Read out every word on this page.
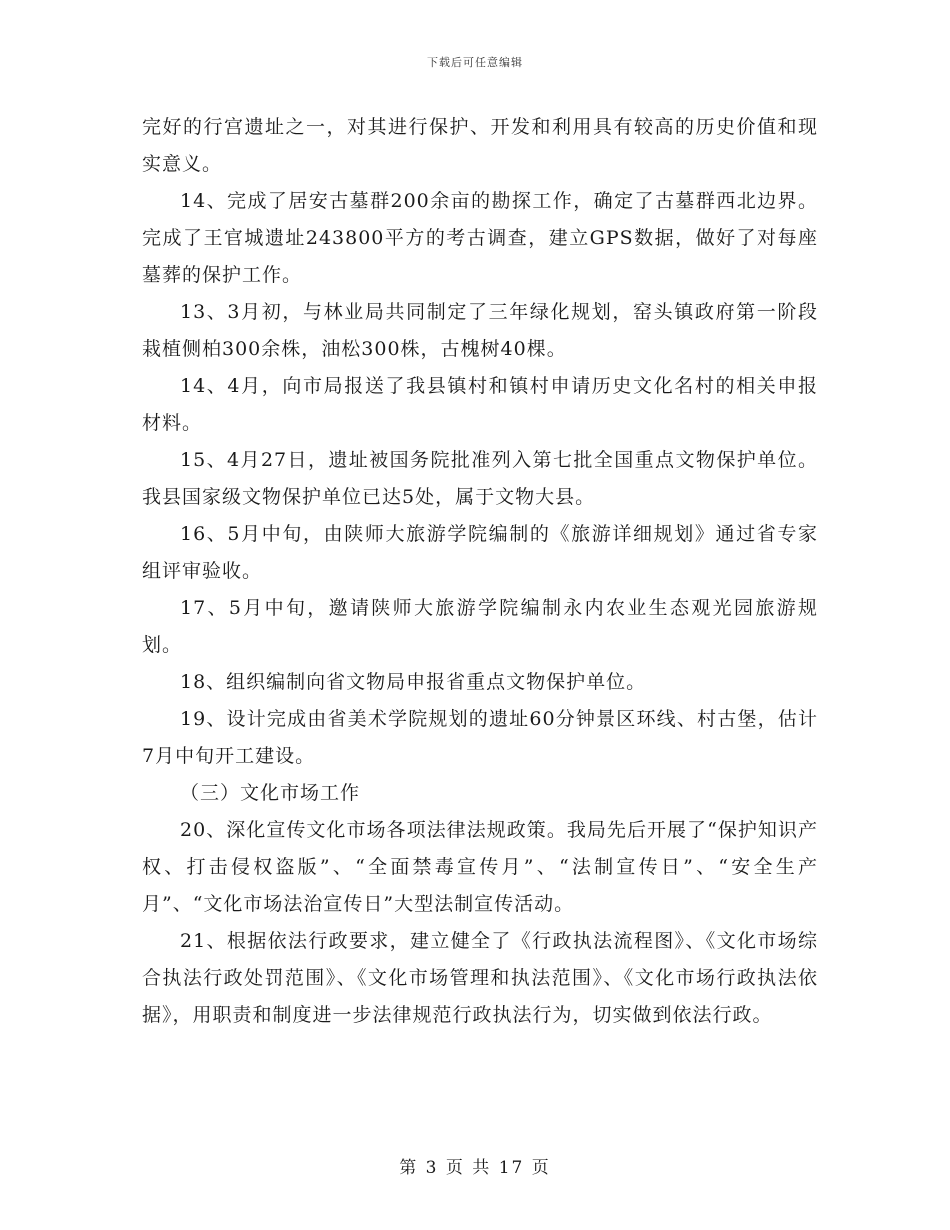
下载后可任意编辑

完好的行宫遗址之一，对其进行保护、开发和利用具有较高的历史价值和现实意义。

14、完成了居安古墓群200余亩的勘探工作，确定了古墓群西北边界。完成了王官城遗址243800平方的考古调查，建立GPS数据，做好了对每座墓葬的保护工作。

13、3月初，与林业局共同制定了三年绿化规划，窑头镇政府第一阶段栽植侧柏300余株，油松300株，古槐树40棵。

14、4月，向市局报送了我县镇村和镇村申请历史文化名村的相关申报材料。

15、4月27日，遗址被国务院批准列入第七批全国重点文物保护单位。我县国家级文物保护单位已达5处，属于文物大县。

16、5月中旬，由陕师大旅游学院编制的《旅游详细规划》通过省专家组评审验收。

17、5月中旬，邀请陕师大旅游学院编制永内农业生态观光园旅游规划。

18、组织编制向省文物局申报省重点文物保护单位。

19、设计完成由省美术学院规划的遗址60分钟景区环线、村古堡，估计7月中旬开工建设。

（三）文化市场工作

20、深化宣传文化市场各项法律法规政策。我局先后开展了“保护知识产权、打击侵权盗版”、“全面禁毒宣传月”、“法制宣传日”、“安全生产月”、“文化市场法治宣传日”大型法制宣传活动。

21、根据依法行政要求，建立健全了《行政执法流程图》、《文化市场综合执法行政处罚范围》、《文化市场管理和执法范围》、《文化市场行政执法依据》，用职责和制度进一步法律规范行政执法行为，切实做到依法行政。

第 3 页 共 17 页
